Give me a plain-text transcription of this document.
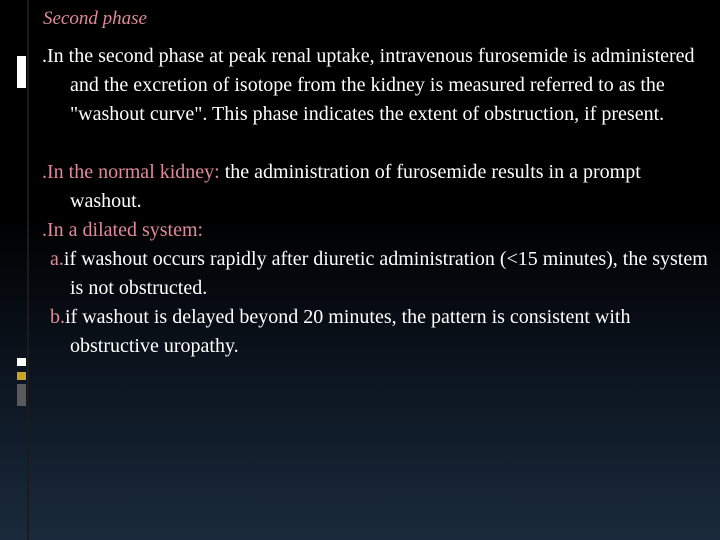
Second phase

.In the second phase at peak renal uptake, intravenous furosemide is administered and the excretion of isotope from the kidney is measured referred to as the "washout curve". This phase indicates the extent of obstruction, if present.

.In the normal kidney: the administration of furosemide results in a prompt washout.

.In a dilated system:

a.if washout occurs rapidly after diuretic administration (<15 minutes), the system is not obstructed.

b.if washout is delayed beyond 20 minutes, the pattern is consistent with obstructive uropathy.
